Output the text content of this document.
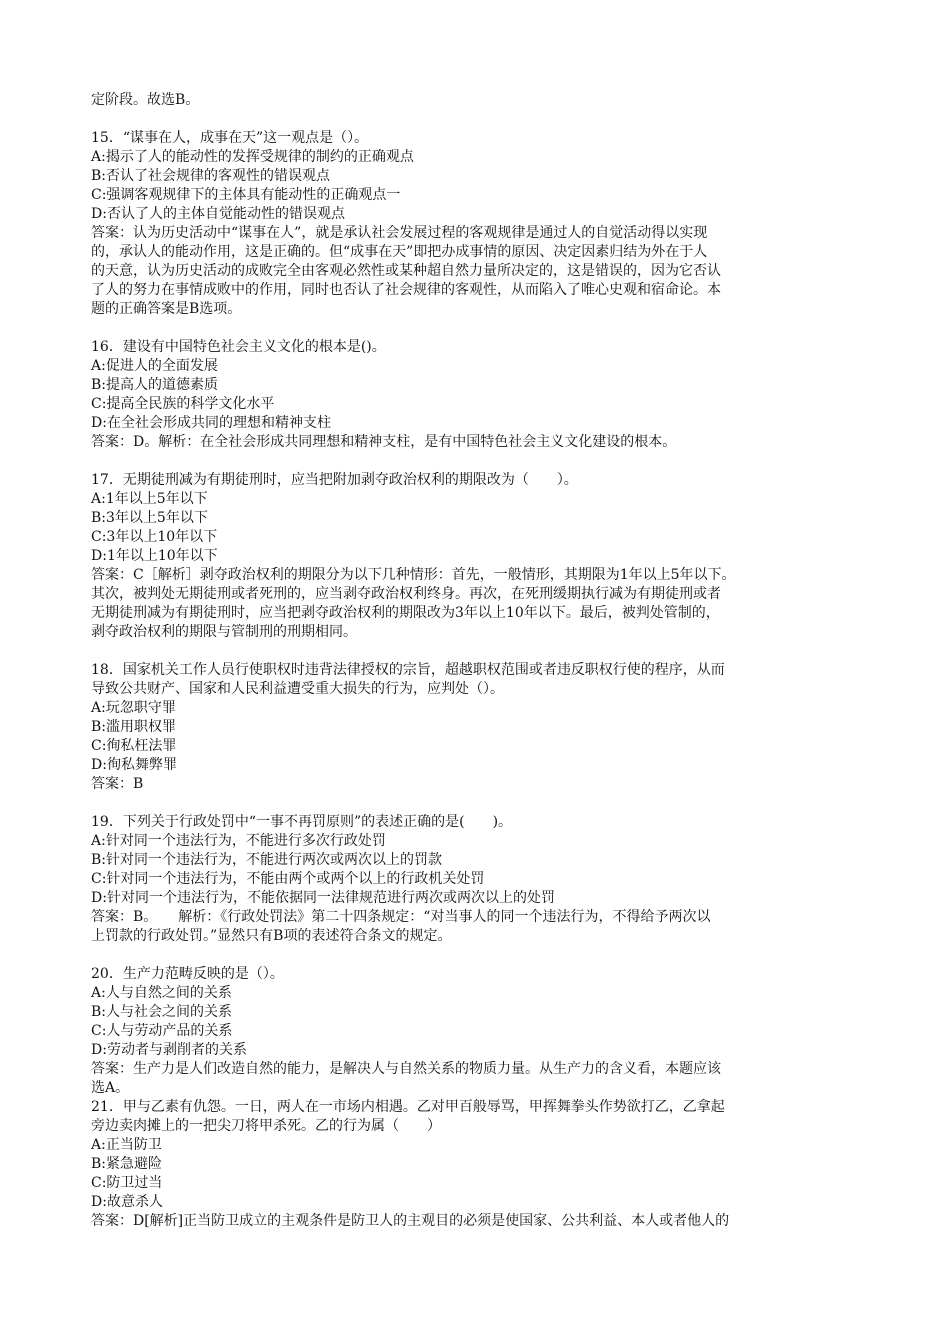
定阶段。故选B。
15．“谋事在人，成事在天”这一观点是（）。
A:揭示了人的能动性的发挥受规律的制约的正确观点
B:否认了社会规律的客观性的错误观点
C:强调客观规律下的主体具有能动性的正确观点一
D:否认了人的主体自觉能动性的错误观点
答案：认为历史活动中“谋事在人”，就是承认社会发展过程的客观规律是通过人的自觉活动得以实现
的，承认人的能动作用，这是正确的。但“成事在天”即把办成事情的原因、决定因素归结为外在于人
的天意，认为历史活动的成败完全由客观必然性或某种超自然力量所决定的，这是错误的，因为它否认
了人的努力在事情成败中的作用，同时也否认了社会规律的客观性，从而陷入了唯心史观和宿命论。本
题的正确答案是B选项。
16．建设有中国特色社会主义文化的根本是()。
A:促进人的全面发展
B:提高人的道德素质
C:提高全民族的科学文化水平
D:在全社会形成共同的理想和精神支柱
答案：D。解析：在全社会形成共同理想和精神支柱，是有中国特色社会主义文化建设的根本。
17．无期徒刑减为有期徒刑时，应当把附加剥夺政治权利的期限改为（　　）。
A:1年以上5年以下
B:3年以上5年以下
C:3年以上10年以下
D:1年以上10年以下
答案：C［解析］剥夺政治权利的期限分为以下几种情形：首先，一般情形，其期限为1年以上5年以下。
其次，被判处无期徒刑或者死刑的，应当剥夺政治权利终身。再次，在死刑缓期执行减为有期徒刑或者
无期徒刑减为有期徒刑时，应当把剥夺政治权利的期限改为3年以上10年以下。最后，被判处管制的，
剥夺政治权利的期限与管制刑的刑期相同。
18．国家机关工作人员行使职权时违背法律授权的宗旨，超越职权范围或者违反职权行使的程序，从而
导致公共财产、国家和人民利益遭受重大损失的行为，应判处（）。
A:玩忽职守罪
B:滥用职权罪
C:徇私枉法罪
D:徇私舞弊罪
答案：B
19．下列关于行政处罚中“一事不再罚原则”的表述正确的是(　　)。
A:针对同一个违法行为，不能进行多次行政处罚
B:针对同一个违法行为，不能进行两次或两次以上的罚款
C:针对同一个违法行为，不能由两个或两个以上的行政机关处罚
D:针对同一个违法行为，不能依据同一法律规范进行两次或两次以上的处罚
答案：B。　　解析：《行政处罚法》第二十四条规定：“对当事人的同一个违法行为，不得给予两次以
上罚款的行政处罚。”显然只有B项的表述符合条文的规定。
20．生产力范畴反映的是（）。
A:人与自然之间的关系
B:人与社会之间的关系
C:人与劳动产品的关系
D:劳动者与剥削者的关系
答案：生产力是人们改造自然的能力，是解决人与自然关系的物质力量。从生产力的含义看，本题应该
选A。
21．甲与乙素有仇怨。一日，两人在一市场内相遇。乙对甲百般辱骂，甲挥舞拳头作势欲打乙，乙拿起
旁边卖肉摊上的一把尖刀将甲杀死。乙的行为属（　　）
A:正当防卫
B:紧急避险
C:防卫过当
D:故意杀人
答案：D[解析]正当防卫成立的主观条件是防卫人的主观目的必须是使国家、公共利益、本人或者他人的
